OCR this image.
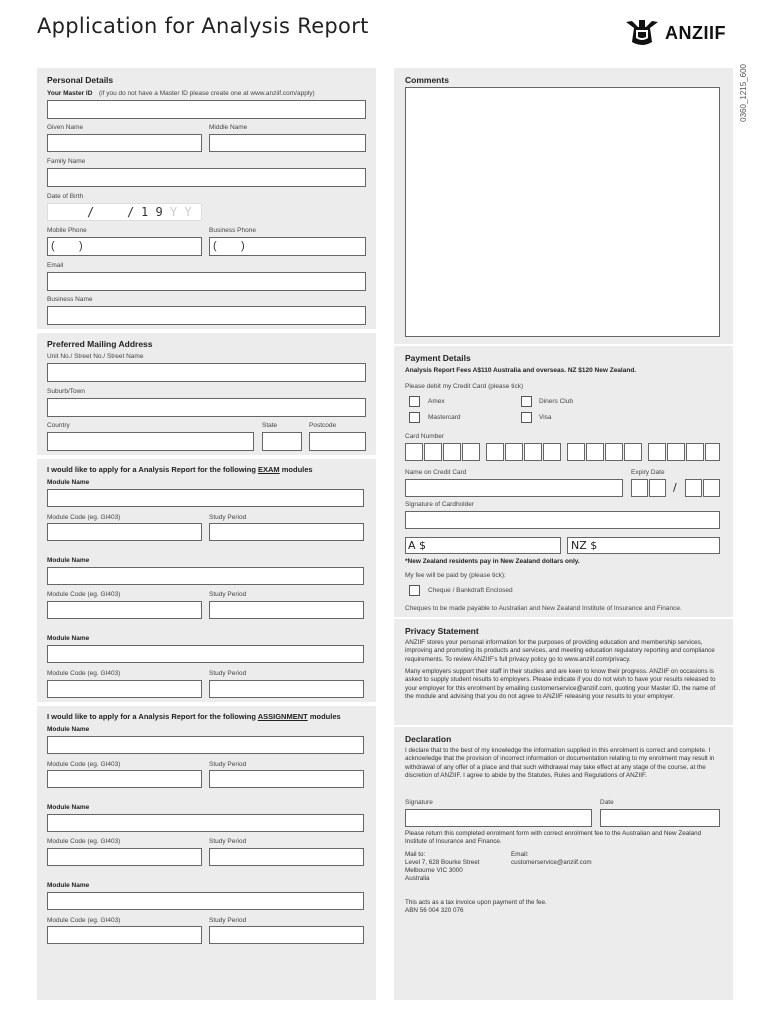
Application for Analysis Report	ANZIIF
0360_1215_600
Personal Details
Your Master ID (if you do not have a Master ID please create one at www.anziif.com/apply)
Given Name	Middle Name
Family Name
Date of Birth
/	/ 1 9 Y Y
Mobile Phone	Business Phone
( )	( )
Email
Business Name
Preferred Mailing Address
Unit No./ Street No./ Street Name
Suburb/Town
Country	State	Postcode
I would like to apply for a Analysis Report for the following EXAM modules
Module Name
Module Code (eg. GI403)	Study Period
Module Name
Module Code (eg. GI403)	Study Period
Module Name
Module Code (eg. GI403)	Study Period
I would like to apply for a Analysis Report for the following ASSIGNMENT modules
Module Name
Module Code (eg. GI403)	Study Period
Module Name
Module Code (eg. GI403)	Study Period
Module Name
Module Code (eg. GI403)	Study Period
Comments
Payment Details
Analysis Report Fees A$110 Australia and overseas. NZ $120 New Zealand.
Please debit my Credit Card (please tick)
Amex	Diners Club
Mastercard	Visa
Card Number
Name on Credit Card	Expiry Date
/
Signature of Cardholder
A $	NZ $
*New Zealand residents pay in New Zealand dollars only.
My fee will be paid by (please tick):
Cheque / Bankdraft Enclosed
Cheques to be made payable to Australian and New Zealand Institute of Insurance and Finance.
Privacy Statement
ANZIIF stores your personal information for the purposes of providing education and membership services, improving and promoting its products and services, and meeting education regulatory reporting and compliance requirements. To review ANZIIF’s full privacy policy go to www.anziif.com/privacy.
Many employers support their staff in their studies and are keen to know their progress. ANZIIF on occasions is asked to supply student results to employers. Please indicate if you do not wish to have your results released to your employer for this enrolment by emailing customerservice@anziif.com, quoting your Master ID, the name of the module and advising that you do not agree to ANZIIF releasing your results to your employer.
Declaration
I declare that to the best of my knowledge the information supplied in this enrolment is correct and complete. I acknowledge that the provision of incorrect information or documentation relating to my enrolment may result in withdrawal of any offer of a place and that such withdrawal may take effect at any stage of the course, at the discretion of ANZIIF. I agree to abide by the Statutes, Rules and Regulations of ANZIIF.
Signature	Date
Please return this completed enrolment form with correct enrolment fee to the Australian and New Zealand Institute of Insurance and Finance.
Mail to:
Level 7, 628 Bourke Street
Melbourne VIC 3000
Australia
Email:
customerservice@anziif.com
This acts as a tax invoice upon payment of the fee.
ABN 56 004 320 076
